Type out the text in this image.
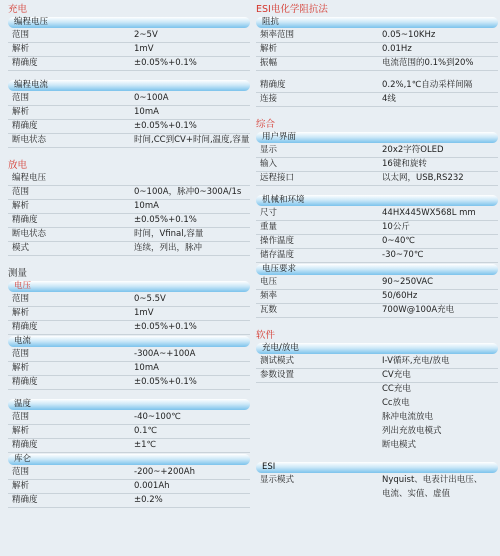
充电
编程电压
范围	2~5V
解析	1mV
精确度	±0.05%+0.1%
编程电流
范围	0~100A
解析	10mA
精确度	±0.05%+0.1%
断电状态	时间,CC到CV+时间,温度,容量
放电
编程电压
范围	0~100A，脉冲0~300A/1s
解析	10mA
精确度	±0.05%+0.1%
断电状态	时间，Vfinal,容量
模式	连续，列出，脉冲
测量
电压
范围	0~5.5V
解析	1mV
精确度	±0.05%+0.1%
电流
范围	-300A~+100A
解析	10mA
精确度	±0.05%+0.1%
温度
范围	-40~100℃
解析	0.1℃
精确度	±1℃
库仑
范围	-200~+200Ah
解析	0.001Ah
精确度	±0.2%
ESI电化学阻抗法
阻抗
频率范围	0.05~10KHz
解析	0.01Hz
振幅	电流范围的0.1%到20%
精确度	0.2%,1℃自动采样间隔
连接	4线
综合
用户界面
显示	20x2字符OLED
输入	16键和旋转
远程接口	以太网，USB,RS232
机械和环境
尺寸	44HX445WX568L mm
重量	10公斤
操作温度	0~40℃
储存温度	-30~70℃
电压要求
电压	90~250VAC
频率	50/60Hz
瓦数	700W@100A充电
软件
充电/放电
测试模式	I-V循环,充电/放电
参数设置	CV充电
CC充电
Cc放电
脉冲电流放电
列出充放电模式
断电模式
ESI
显示模式	Nyquist、电表计出电压、
电流、实值、虚值
